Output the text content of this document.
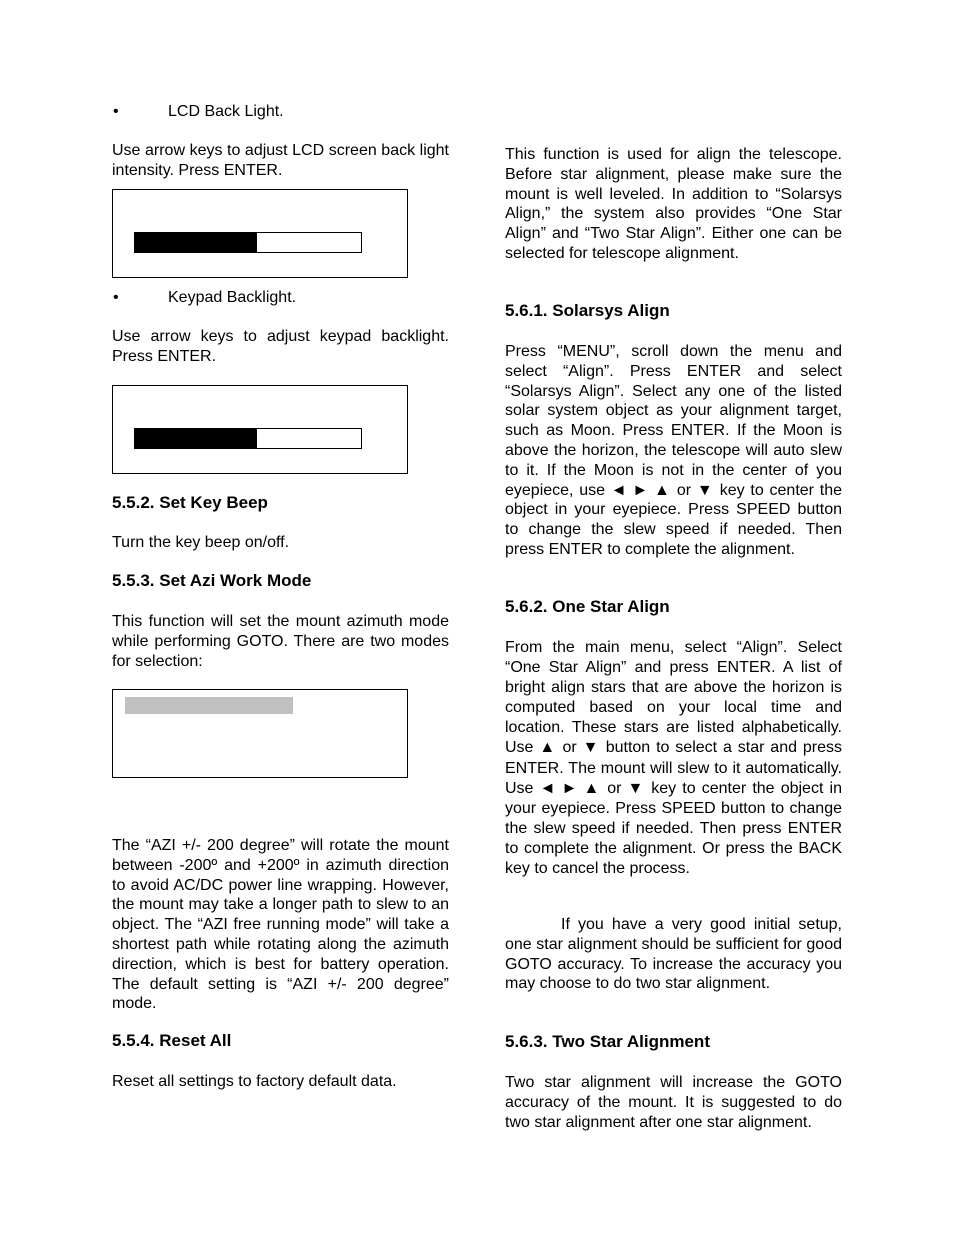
•	LCD Back Light.

Use arrow keys to adjust LCD screen back light intensity. Press ENTER.

•	Keypad Backlight.

Use arrow keys to adjust keypad backlight. Press ENTER.

5.5.2. Set Key Beep

Turn the key beep on/off.

5.5.3. Set Azi Work Mode

This function will set the mount azimuth mode while performing GOTO. There are two modes for selection:

The “AZI +/- 200 degree” will rotate the mount between -200º and +200º in azimuth direction to avoid AC/DC power line wrapping. However, the mount may take a longer path to slew to an object. The “AZI free running mode” will take a shortest path while rotating along the azimuth direction, which is best for battery operation. The default setting is “AZI +/- 200 degree” mode.

5.5.4. Reset All

Reset all settings to factory default data.

This function is used for align the telescope. Before star alignment, please make sure the mount is well leveled. In addition to “Solarsys Align,” the system also provides “One Star Align” and “Two Star Align”. Either one can be selected for telescope alignment.

5.6.1. Solarsys Align

Press “MENU”, scroll down the menu and select “Align”. Press ENTER and select “Solarsys Align”. Select any one of the listed solar system object as your alignment target, such as Moon. Press ENTER. If the Moon is above the horizon, the telescope will auto slew to it. If the Moon is not in the center of you eyepiece, use ◄ ► ▲ or ▼ key to center the object in your eyepiece. Press SPEED button to change the slew speed if needed. Then press ENTER to complete the alignment.

5.6.2. One Star Align

From the main menu, select “Align”. Select “One Star Align” and press ENTER. A list of bright align stars that are above the horizon is computed based on your local time and location. These stars are listed alphabetically. Use ▲ or ▼ button to select a star and press ENTER. The mount will slew to it automatically. Use ◄ ► ▲ or ▼ key to center the object in your eyepiece. Press SPEED button to change the slew speed if needed. Then press ENTER to complete the alignment. Or press the BACK key to cancel the process.

If you have a very good initial setup, one star alignment should be sufficient for good GOTO accuracy. To increase the accuracy you may choose to do two star alignment.

5.6.3. Two Star Alignment

Two star alignment will increase the GOTO accuracy of the mount. It is suggested to do two star alignment after one star alignment.
